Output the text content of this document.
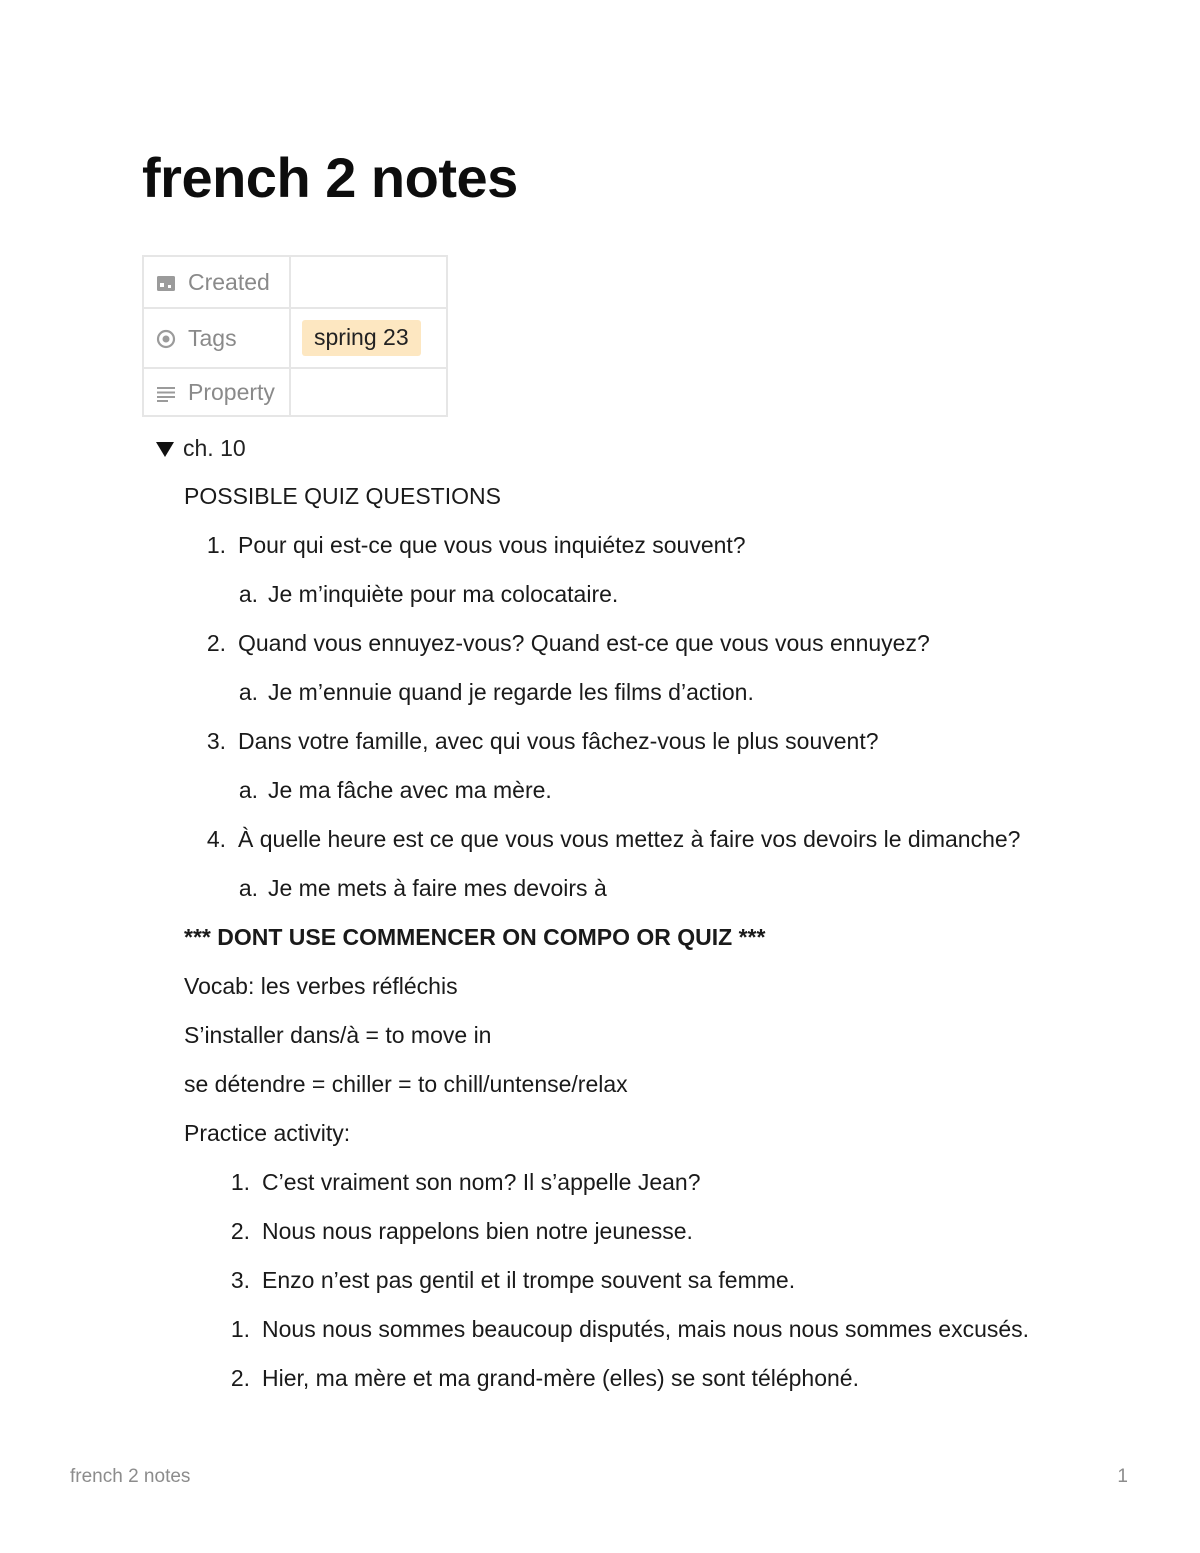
french 2 notes
Created	

Tags	spring 23

Property	

ch. 10
POSSIBLE QUIZ QUESTIONS
1. Pour qui est-ce que vous vous inquiétez souvent?
a. Je m’inquiète pour ma colocataire.
2. Quand vous ennuyez-vous? Quand est-ce que vous vous ennuyez?
a. Je m’ennuie quand je regarde les films d’action.
3. Dans votre famille, avec qui vous fâchez-vous le plus souvent?
a. Je ma fâche avec ma mère.
4. À quelle heure est ce que vous vous mettez à faire vos devoirs le dimanche?
a. Je me mets à faire mes devoirs à
*** DONT USE COMMENCER ON COMPO OR QUIZ ***
Vocab: les verbes réfléchis
S’installer dans/à = to move in
se détendre = chiller = to chill/untense/relax
Practice activity:
1. C’est vraiment son nom? Il s’appelle Jean?
2. Nous nous rappelons bien notre jeunesse.
3. Enzo n’est pas gentil et il trompe souvent sa femme.
1. Nous nous sommes beaucoup disputés, mais nous nous sommes excusés.
2. Hier, ma mère et ma grand-mère (elles) se sont téléphoné.
french 2 notes	1
